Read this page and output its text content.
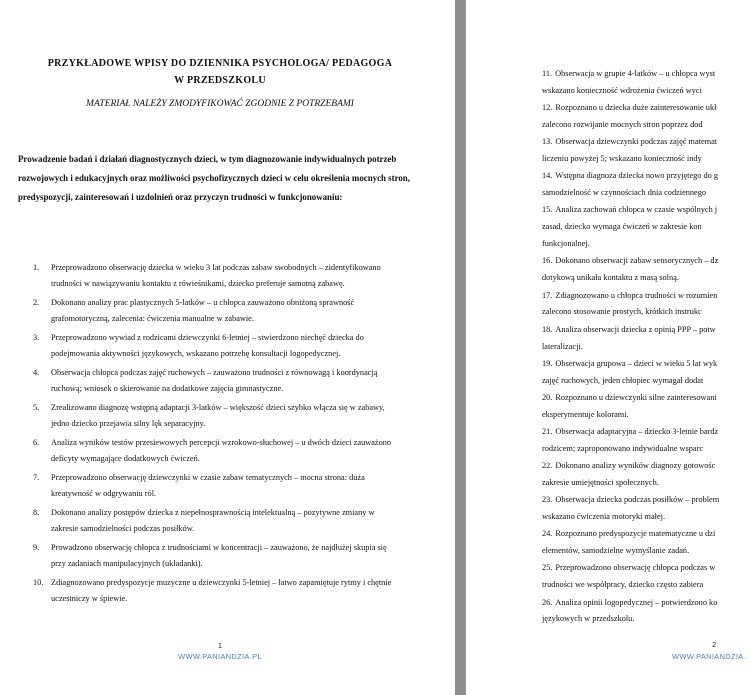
PRZYKŁADOWE WPISY DO DZIENNIKA PSYCHOLOGA/ PEDAGOGA
W PRZEDSZKOLU
MATERIAŁ NALEŻY ZMODYFIKOWAĆ ZGODNIE Z POTRZEBAMI

Prowadzenie badań i działań diagnostycznych dzieci, w tym diagnozowanie indywidualnych potrzeb rozwojowych i edukacyjnych oraz możliwości psychofizycznych dzieci w celu określenia mocnych stron, predyspozycji, zainteresowań i uzdolnień oraz przyczyn trudności w funkcjonowaniu:

1. Przeprowadzono obserwację dziecka w wieku 3 lat podczas zabaw swobodnych – zidentyfikowano trudności w nawiązywaniu kontaktu z rówieśnikami, dziecko preferuje samotną zabawę.
2. Dokonano analizy prac plastycznych 5-latków – u chłopca zauważono obniżoną sprawność grafomotoryczną, zalecenia: ćwiczenia manualne w zabawie.
3. Przeprowadzono wywiad z rodzicami dziewczynki 6-letniej – stwierdzono niechęć dziecka do podejmowania aktywności językowych, wskazano potrzebę konsultacji logopedycznej.
4. Obserwacja chłopca podczas zajęć ruchowych – zauważono trudności z równowagą i koordynacją ruchową; wniosek o skierowanie na dodatkowe zajęcia gimnastyczne.
5. Zrealizowano diagnozę wstępną adaptacji 3-latków – większość dzieci szybko włącza się w zabawy, jedno dziecko przejawia silny lęk separacyjny.
6. Analiza wyników testów przesiewowych percepcji wzrokowo-słuchowej – u dwóch dzieci zauważono deficyty wymagające dodatkowych ćwiczeń.
7. Przeprowadzono obserwację dziewczynki w czasie zabaw tematycznych – mocna strona: duża kreatywność w odgrywaniu ról.
8. Dokonano analizy postępów dziecka z niepełnosprawnością intelektualną – pozytywne zmiany w zakresie samodzielności podczas posiłków.
9. Prowadzono obserwację chłopca z trudnościami w koncentracji – zauważono, że najdłużej skupia się przy zadaniach manipulacyjnych (układanki).
10. Zdiagnozowano predyspozycje muzyczne u dziewczynki 5-letniej – łatwo zapamiętuje rytmy i chętnie uczestniczy w śpiewie.
1
WWW.PANIANDZIA.PL
11. Obserwacja w grupie 4-latków – u chłopca wyst
wskazano konieczność wdrożenia ćwiczeń wyci
12. Rozpoznano u dziecka duże zainteresowanie ukł
zalecono rozwijanie mocnych stron poprzez dod
13. Obserwacja dziewczynki podczas zajęć matemat
liczeniu powyżej 5; wskazano konieczność indy
14. Wstępna diagnoza dziecka nowo przyjętego do g
samodzielność w czynnościach dnia codziennego
15. Analiza zachowań chłopca w czasie wspólnych j
zasad, dziecko wymaga ćwiczeń w zakresie kon
funkcjonalnej.
16. Dokonano obserwacji zabaw sensorycznych – dz
dotykową unikała kontaktu z masą solną.
17. Zdiagnozowano u chłopca trudności w rozumien
zalecono stosowanie prostych, krótkich instrukc
18. Analiza obserwacji dziecka z opinią PPP – potw
lateralizacji.
19. Obserwacja grupowa – dzieci w wieku 5 lat wyk
zajęć ruchowych, jeden chłopiec wymagał dodat
20. Rozpoznano u dziewczynki silne zainteresowani
eksperymentuje kolorami.
21. Obserwacja adaptacyjna – dziecko 3-letnie bardz
rodzicem; zaproponowano indywidualne wsparc
22. Dokonano analizy wyników diagnozy gotowośc
zakresie umiejętności społecznych.
23. Obserwacja dziecka podczas posiłków – problem
wskazano ćwiczenia motoryki małej.
24. Rozpoznano predyspozycje matematyczne u dzi
elementów, samodzielne wymyślanie zadań.
25. Przeprowadzono obserwację chłopca podczas w
trudności we współpracy, dziecko często zabiera
26. Analiza opinii logopedycznej – potwierdzono ko
językowych w przedszkolu.
2
WWW.PANIANDZIA.
